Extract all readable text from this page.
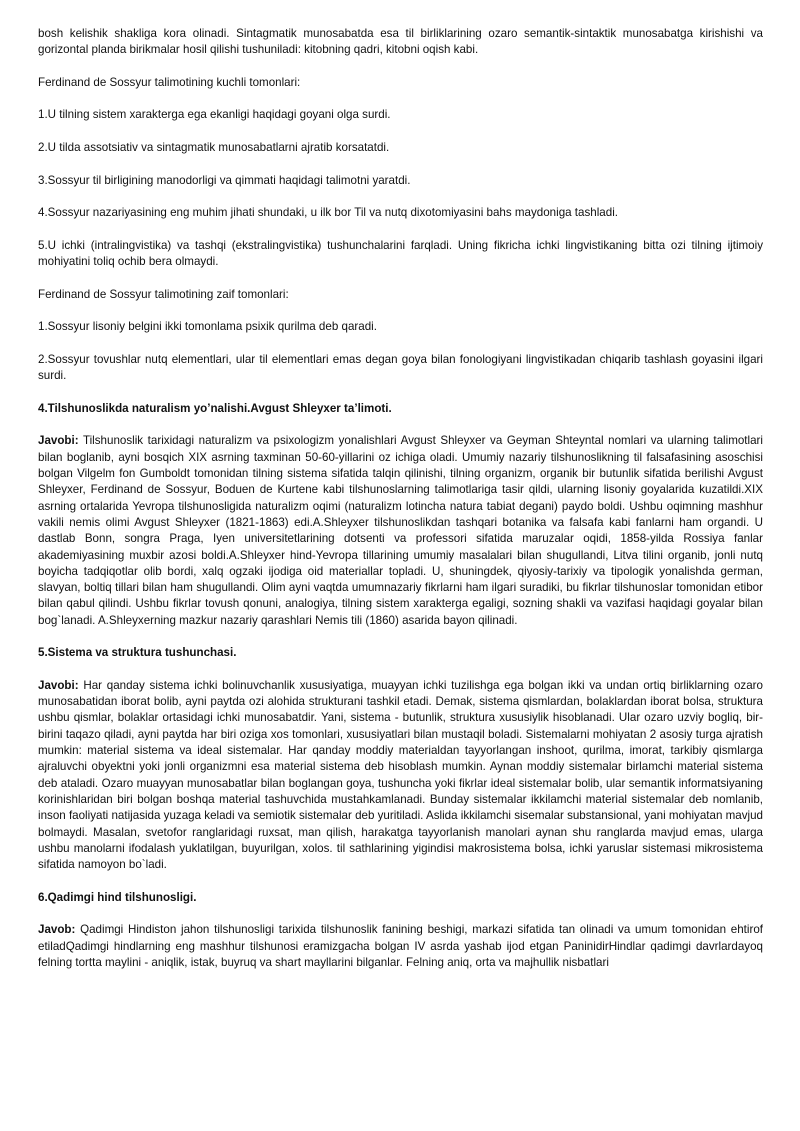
bosh kelishik shakliga kora olinadi. Sintagmatik munosabatda esa til birliklarining ozaro semantik-sintaktik munosabatga kirishishi va gorizontal planda birikmalar hosil qilishi tushuniladi: kitobning qadri, kitobni oqish kabi.

Ferdinand de Sossyur talimotining kuchli tomonlari:

1.U tilning sistem xarakterga ega ekanligi haqidagi goyani olga surdi.

2.U tilda assotsiativ va sintagmatik munosabatlarni ajratib korsatatdi.

3.Sossyur til birligining manodorligi va qimmati haqidagi talimotni yaratdi.

4.Sossyur nazariyasining eng muhim jihati shundaki, u ilk bor Til va nutq dixotomiyasini bahs maydoniga tashladi.

5.U ichki (intralingvistika) va tashqi (ekstralingvistika) tushunchalarini farqladi. Uning fikricha ichki lingvistikaning bitta ozi tilning ijtimoiy mohiyatini toliq ochib bera olmaydi.

Ferdinand de Sossyur talimotining zaif tomonlari:

1.Sossyur lisoniy belgini ikki tomonlama psixik qurilma deb qaradi.

2.Sossyur tovushlar nutq elementlari, ular til elementlari emas degan goya bilan fonologiyani lingvistikadan chiqarib tashlash goyasini ilgari surdi.

4.Tilshunoslikda naturalism yo’nalishi.Avgust Shleyxer ta’limoti.

Javobi: Tilshunoslik tarixidagi naturalizm va psixologizm yonalishlari Avgust Shleyxer va Geyman Shteyntal nomlari va ularning talimotlari bilan boglanib, ayni bosqich XIX asrning taxminan 50-60-yillarini oz ichiga oladi. Umumiy nazariy tilshunoslikning til falsafasining asoschisi bolgan Vilgelm fon Gumboldt tomonidan tilning sistema sifatida talqin qilinishi, tilning organizm, organik bir butunlik sifatida berilishi Avgust Shleyxer, Ferdinand de Sossyur, Boduen de Kurtene kabi tilshunoslarning talimotlariga tasir qildi, ularning lisoniy goyalarida kuzatildi.XIX asrning ortalarida Yevropa tilshunosligida naturalizm oqimi (naturalizm lotincha natura tabiat degani) paydo boldi. Ushbu oqimning mashhur vakili nemis olimi Avgust Shleyxer (1821-1863) edi.A.Shleyxer tilshunoslikdan tashqari botanika va falsafa kabi fanlarni ham organdi. U dastlab Bonn, songra Praga, Iyen universitetlarining dotsenti va professori sifatida maruzalar oqidi, 1858-yilda Rossiya fanlar akademiyasining muxbir azosi boldi.A.Shleyxer hind-Yevropa tillarining umumiy masalalari bilan shugullandi, Litva tilini organib, jonli nutq boyicha tadqiqotlar olib bordi, xalq ogzaki ijodiga oid materiallar topladi. U, shuningdek, qiyosiy-tarixiy va tipologik yonalishda german, slavyan, boltiq tillari bilan ham shugullandi. Olim ayni vaqtda umumnazariy fikrlarni ham ilgari suradiki, bu fikrlar tilshunoslar tomonidan etibor bilan qabul qilindi. Ushbu fikrlar tovush qonuni, analogiya, tilning sistem xarakterga egaligi, sozning shakli va vazifasi haqidagi goyalar bilan bog`lanadi. A.Shleyxerning mazkur nazariy qarashlari Nemis tili (1860) asarida bayon qilinadi.

5.Sistema va struktura tushunchasi.

Javobi: Har qanday sistema ichki bolinuvchanlik xususiyatiga, muayyan ichki tuzilishga ega bolgan ikki va undan ortiq birliklarning ozaro munosabatidan iborat bolib, ayni paytda ozi alohida strukturani tashkil etadi. Demak, sistema qismlardan, bolaklardan iborat bolsa, struktura ushbu qismlar, bolaklar ortasidagi ichki munosabatdir. Yani, sistema - butunlik, struktura xususiylik hisoblanadi. Ular ozaro uzviy bogliq, bir-birini taqazo qiladi, ayni paytda har biri oziga xos tomonlari, xususiyatlari bilan mustaqil boladi. Sistemalarni mohiyatan 2 asosiy turga ajratish mumkin: material sistema va ideal sistemalar. Har qanday moddiy materialdan tayyorlangan inshoot, qurilma, imorat, tarkibiy qismlarga ajraluvchi obyektni yoki jonli organizmni esa material sistema deb hisoblash mumkin. Aynan moddiy sistemalar birlamchi material sistema deb ataladi. Ozaro muayyan munosabatlar bilan boglangan goya, tushuncha yoki fikrlar ideal sistemalar bolib, ular semantik informatsiyaning korinishlaridan biri bolgan boshqa material tashuvchida mustahkamlanadi. Bunday sistemalar ikkilamchi material sistemalar deb nomlanib, inson faoliyati natijasida yuzaga keladi va semiotik sistemalar deb yuritiladi. Aslida ikkilamchi sisemalar substansional, yani mohiyatan mavjud bolmaydi. Masalan, svetofor ranglaridagi ruxsat, man qilish, harakatga tayyorlanish manolari aynan shu ranglarda mavjud emas, ularga ushbu manolarni ifodalash yuklatilgan, buyurilgan, xolos. til sathlarining yigindisi makrosistema bolsa, ichki yaruslar sistemasi mikrosistema sifatida namoyon bo`ladi.

6.Qadimgi hind tilshunosligi.

Javob: Qadimgi Hindiston jahon tilshunosligi tarixida tilshunoslik fanining beshigi, markazi sifatida tan olinadi va umum tomonidan ehtirof etiladQadimgi hindlarning eng mashhur tilshunosi eramizgacha bolgan IV asrda yashab ijod etgan PaninidirHindlar qadimgi davrlardayoq felning tortta maylini - aniqlik, istak, buyruq va shart mayllarini bilganlar. Felning aniq, orta va majhullik nisbatlari
